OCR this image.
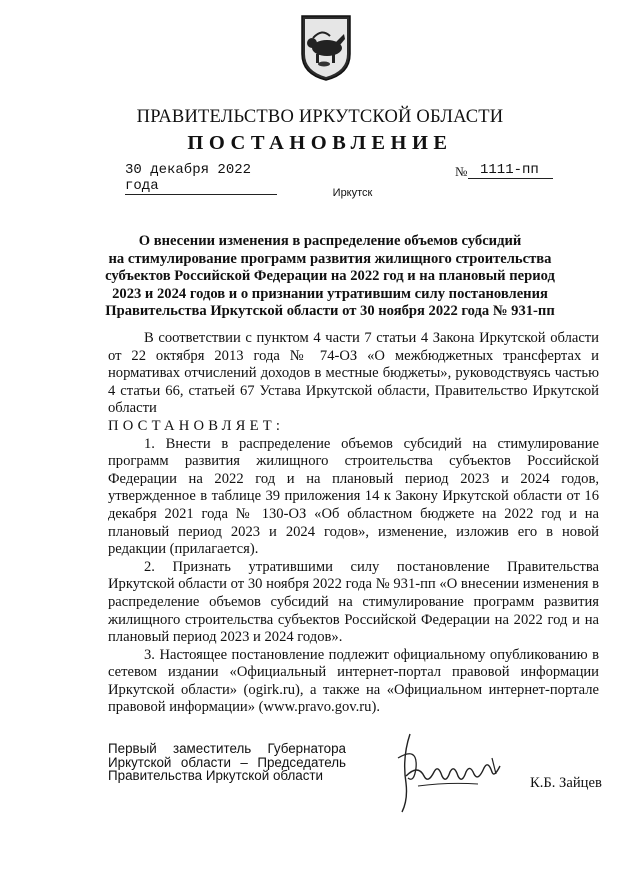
ПРАВИТЕЛЬСТВО ИРКУТСКОЙ ОБЛАСТИ
ПОСТАНОВЛЕНИЕ
30 декабря 2022 года
№ 1111-пп
Иркутск
О внесении изменения в распределение объемов субсидий
на стимулирование программ развития жилищного строительства
субъектов Российской Федерации на 2022 год и на плановый период
2023 и 2024 годов и о признании утратившим силу постановления
Правительства Иркутской области от 30 ноября 2022 года № 931-пп
В соответствии с пунктом 4 части 7 статьи 4 Закона Иркутской области от 22 октября 2013 года № 74-ОЗ «О межбюджетных трансфертах и нормативах отчислений доходов в местные бюджеты», руководствуясь частью 4 статьи 66, статьей 67 Устава Иркутской области, Правительство Иркутской области
ПОСТАНОВЛЯЕТ:
1. Внести в распределение объемов субсидий на стимулирование программ развития жилищного строительства субъектов Российской Федерации на 2022 год и на плановый период 2023 и 2024 годов, утвержденное в таблице 39 приложения 14 к Закону Иркутской области от 16 декабря 2021 года № 130-ОЗ «Об областном бюджете на 2022 год и на плановый период 2023 и 2024 годов», изменение, изложив его в новой редакции (прилагается).
2. Признать утратившими силу постановление Правительства Иркутской области от 30 ноября 2022 года № 931-пп «О внесении изменения в распределение объемов субсидий на стимулирование программ развития жилищного строительства субъектов Российской Федерации на 2022 год и на плановый период 2023 и 2024 годов».
3. Настоящее постановление подлежит официальному опубликованию в сетевом издании «Официальный интернет-портал правовой информации Иркутской области» (ogirk.ru), а также на «Официальном интернет-портале правовой информации» (www.pravo.gov.ru).
Первый заместитель Губернатора
Иркутской области – Председатель
Правительства Иркутской области	К.Б. Зайцев
